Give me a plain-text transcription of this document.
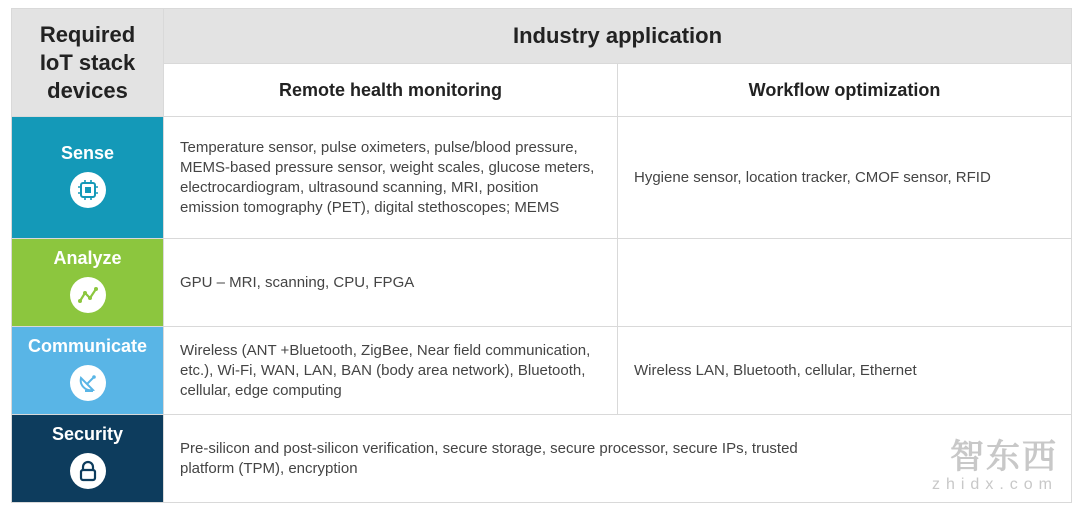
Required IoT stack devices	Industry application	
	Remote health monitoring	Workflow optimization

Sense	Temperature sensor, pulse oximeters, pulse/blood pressure, MEMS-based pressure sensor, weight scales, glucose meters, electrocardiogram, ultrasound scanning, MRI, position emission tomography (PET), digital stethoscopes; MEMS	Hygiene sensor, location tracker, CMOF sensor, RFID

Analyze	GPU – MRI, scanning, CPU, FPGA	

Communicate	Wireless (ANT +Bluetooth, ZigBee, Near field communication, etc.), Wi-Fi, WAN, LAN, BAN (body area network), Bluetooth, cellular, edge computing	Wireless LAN, Bluetooth, cellular, Ethernet

Security	Pre-silicon and post-silicon verification, secure storage, secure processor, secure IPs, trusted platform (TPM), encryption		智东西
zhidx.com
